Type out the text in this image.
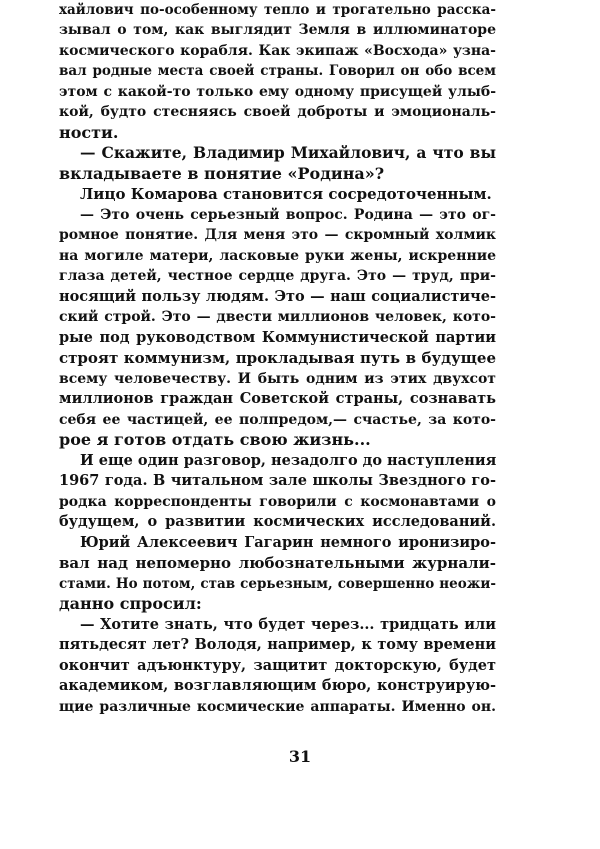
хайлович по-особенному тепло и трогательно расска-
зывал о том, как выглядит Земля в иллюминаторе
космического корабля. Как экипаж «Восхода» узна-
вал родные места своей страны. Говорил он обо всем
этом с какой-то только ему одному присущей улыб-
кой, будто стесняясь своей доброты и эмоциональ-
ности.
— Скажите, Владимир Михайлович, а что вы
вкладываете в понятие «Родина»?
Лицо Комарова становится сосредоточенным.
— Это очень серьезный вопрос. Родина — это ог-
ромное понятие. Для меня это — скромный холмик
на могиле матери, ласковые руки жены, искренние
глаза детей, честное сердце друга. Это — труд, при-
носящий пользу людям. Это — наш социалистиче-
ский строй. Это — двести миллионов человек, кото-
рые под руководством Коммунистической партии
строят коммунизм, прокладывая путь в будущее
всему человечеству. И быть одним из этих двухсот
миллионов граждан Советской страны, сознавать
себя ее частицей, ее полпредом,— счастье, за кото-
рое я готов отдать свою жизнь...
И еще один разговор, незадолго до наступления
1967 года. В читальном зале школы Звездного го-
родка корреспонденты говорили с космонавтами о
будущем, о развитии космических исследований.
Юрий Алексеевич Гагарин немного иронизиро-
вал над непомерно любознательными журнали-
стами. Но потом, став серьезным, совершенно неожи-
данно спросил:
— Хотите знать, что будет через... тридцать или
пятьдесят лет? Володя, например, к тому времени
окончит адъюнктуру, защитит докторскую, будет
академиком, возглавляющим бюро, конструирую-
щие различные космические аппараты. Именно он.
31
